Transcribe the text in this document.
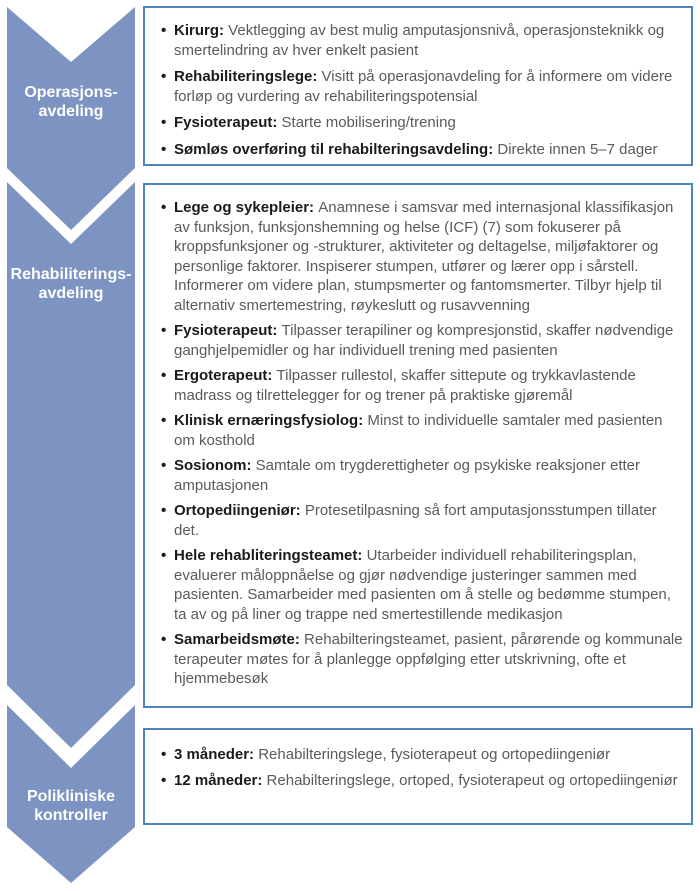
Operasjons-
avdeling
Rehabiliterings-
avdeling
Polikliniske
kontroller
• Kirurg: Vektlegging av best mulig amputasjonsnivå, operasjonsteknikk og smertelindring av hver enkelt pasient
• Rehabiliteringslege: Visitt på operasjonavdeling for å informere om videre forløp og vurdering av rehabiliteringspotensial
• Fysioterapeut: Starte mobilisering/trening
• Sømløs overføring til rehabilteringsavdeling: Direkte innen 5–7 dager
• Lege og sykepleier: Anamnese i samsvar med internasjonal klassifikasjon av funksjon, funksjonshemning og helse (ICF) (7) som fokuserer på kroppsfunksjoner og -strukturer, aktiviteter og deltagelse, miljøfaktorer og personlige faktorer. Inspiserer stumpen, utfører og lærer opp i sårstell. Informerer om videre plan, stumpsmerter og fantomsmerter. Tilbyr hjelp til alternativ smertemestring, røykeslutt og rusavvenning
• Fysioterapeut: Tilpasser terapiliner og kompresjonstid, skaffer nødvendige ganghjelpemidler og har individuell trening med pasienten
• Ergoterapeut: Tilpasser rullestol, skaffer sittepute og trykkavlastende madrass og tilrettelegger for og trener på praktiske gjøremål
• Klinisk ernæringsfysiolog: Minst to individuelle samtaler med pasienten om kosthold
• Sosionom: Samtale om trygderettigheter og psykiske reaksjoner etter amputasjonen
• Ortopediingeniør: Protesetilpasning så fort amputasjonsstumpen tillater det.
• Hele rehabliteringsteamet: Utarbeider individuell rehabiliteringsplan, evaluerer måloppnåelse og gjør nødvendige justeringer sammen med pasienten. Samarbeider med pasienten om å stelle og bedømme stumpen, ta av og på liner og trappe ned smertestillende medikasjon
• Samarbeidsmøte: Rehabilteringsteamet, pasient, pårørende og kommunale terapeuter møtes for å planlegge oppfølging etter utskrivning, ofte et hjemmebesøk
• 3 måneder: Rehabilteringslege, fysioterapeut og ortopediingeniør
• 12 måneder: Rehabilteringslege, ortoped, fysioterapeut og ortopediingeniør
